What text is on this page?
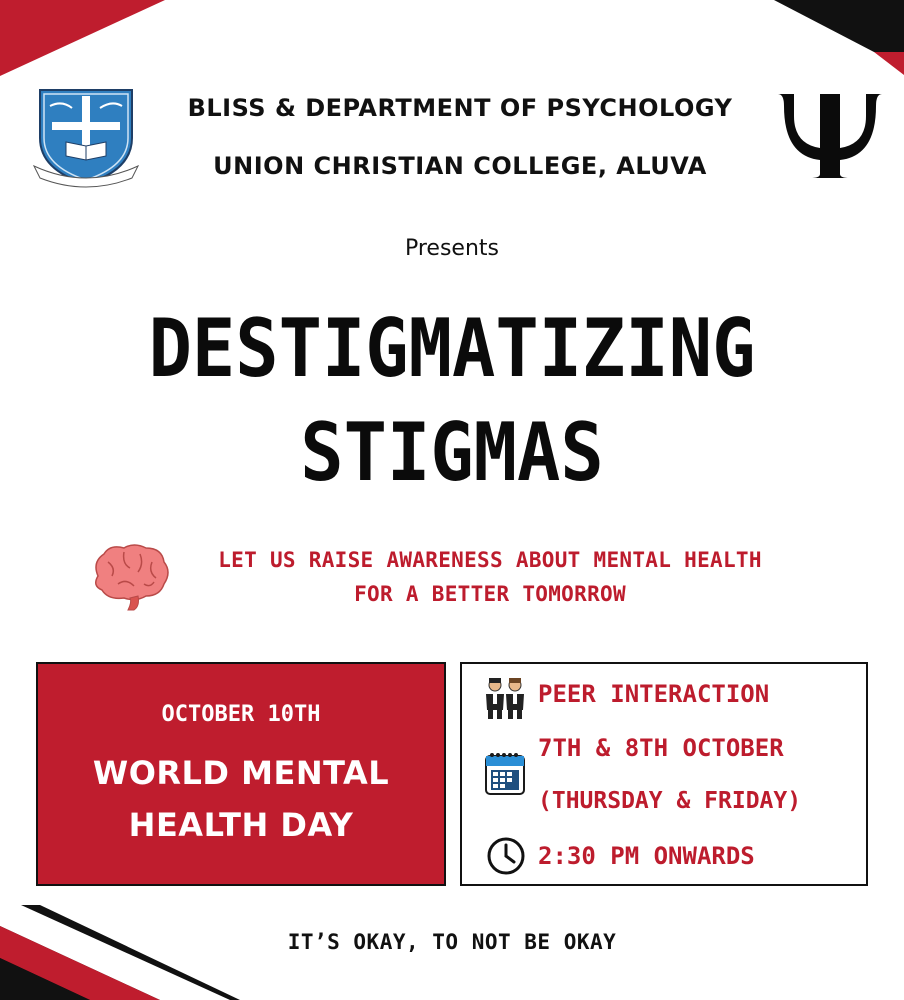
BLISS & DEPARTMENT OF PSYCHOLOGY
UNION CHRISTIAN COLLEGE, ALUVA
Presents
DESTIGMATIZING
STIGMAS
LET US RAISE AWARENESS ABOUT MENTAL HEALTH
FOR A BETTER TOMORROW
OCTOBER 10TH
WORLD MENTAL
HEALTH DAY
PEER INTERACTION
7TH & 8TH OCTOBER
(THURSDAY & FRIDAY)
2:30 PM ONWARDS
IT’S OKAY, TO NOT BE OKAY
